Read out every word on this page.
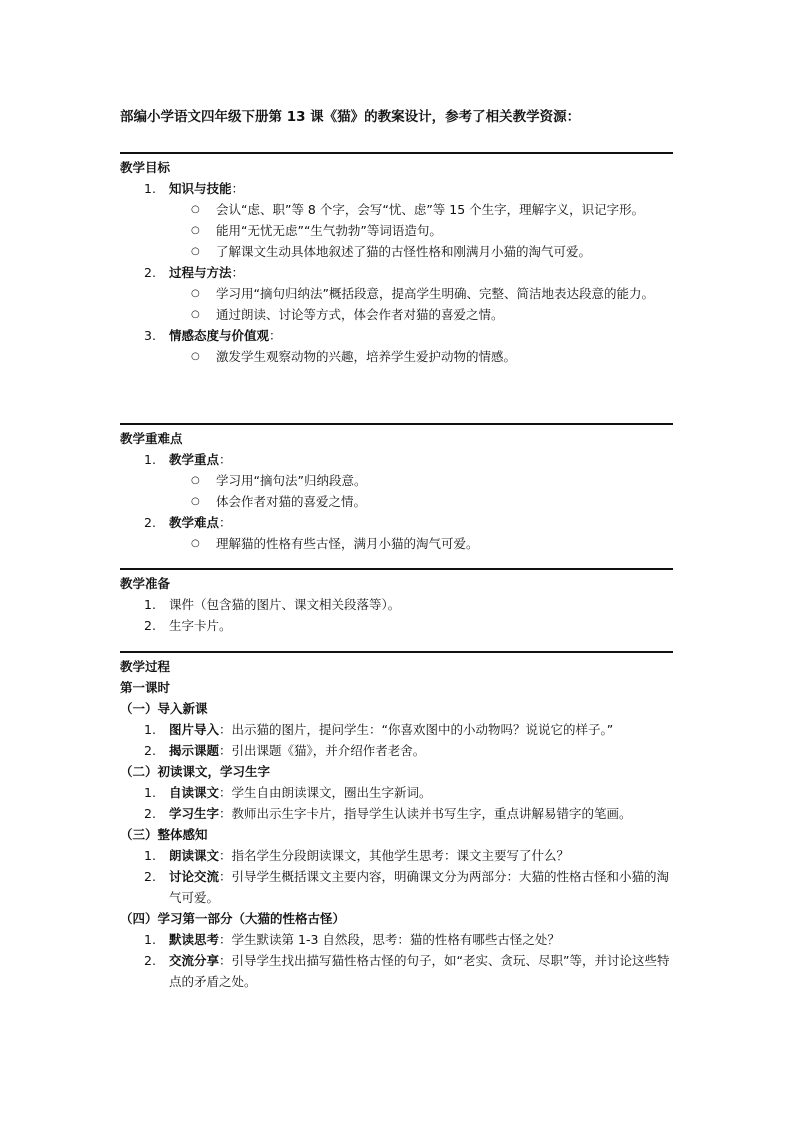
部编小学语文四年级下册第 13 课《猫》的教案设计，参考了相关教学资源：
教学目标
1. 知识与技能：
○ 会认“虑、职”等 8 个字，会写“忧、虑”等 15 个生字，理解字义，识记字形。
○ 能用“无忧无虑”“生气勃勃”等词语造句。
○ 了解课文生动具体地叙述了猫的古怪性格和刚满月小猫的淘气可爱。
2. 过程与方法：
○ 学习用“摘句归纳法”概括段意，提高学生明确、完整、简洁地表达段意的能力。
○ 通过朗读、讨论等方式，体会作者对猫的喜爱之情。
3. 情感态度与价值观：
○ 激发学生观察动物的兴趣，培养学生爱护动物的情感。
教学重难点
1. 教学重点：
○ 学习用“摘句法”归纳段意。
○ 体会作者对猫的喜爱之情。
2. 教学难点：
○ 理解猫的性格有些古怪，满月小猫的淘气可爱。
教学准备
1. 课件（包含猫的图片、课文相关段落等）。
2. 生字卡片。
教学过程
第一课时
（一）导入新课
1. 图片导入：出示猫的图片，提问学生：“你喜欢图中的小动物吗？说说它的样子。”
2. 揭示课题：引出课题《猫》，并介绍作者老舍。
（二）初读课文，学习生字
1. 自读课文：学生自由朗读课文，圈出生字新词。
2. 学习生字：教师出示生字卡片，指导学生认读并书写生字，重点讲解易错字的笔画。
（三）整体感知
1. 朗读课文：指名学生分段朗读课文，其他学生思考：课文主要写了什么？
2. 讨论交流：引导学生概括课文主要内容，明确课文分为两部分：大猫的性格古怪和小猫的淘气可爱。
（四）学习第一部分（大猫的性格古怪）
1. 默读思考：学生默读第 1-3 自然段，思考：猫的性格有哪些古怪之处？
2. 交流分享：引导学生找出描写猫性格古怪的句子，如“老实、贪玩、尽职”等，并讨论这些特点的矛盾之处。
